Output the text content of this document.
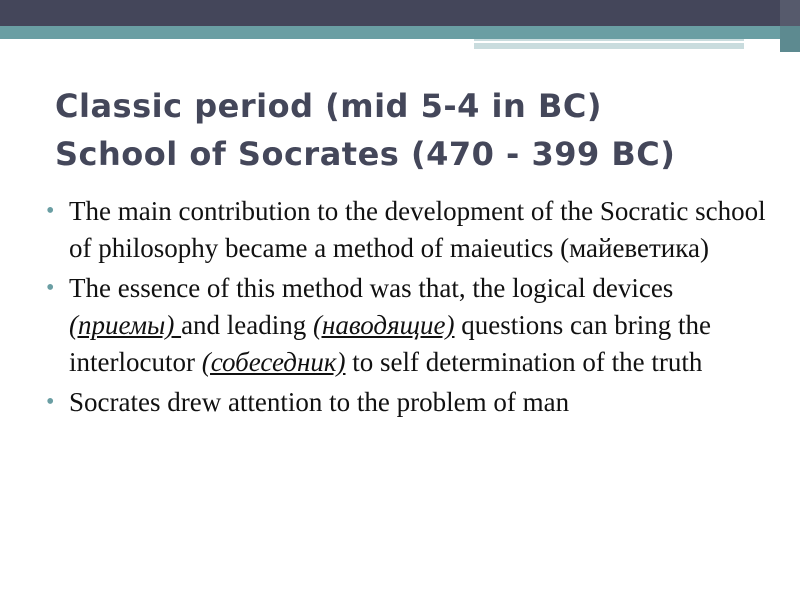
Classic period (mid 5-4 in BC)
School of Socrates (470 - 399 BC)
• The main contribution to the development of the Socratic school of philosophy became a method of maieutics (майеветика)
• The essence of this method was that, the logical devices (приемы) and leading (наводящие) questions can bring the interlocutor (собеседник) to self determination of the truth
• Socrates drew attention to the problem of man
